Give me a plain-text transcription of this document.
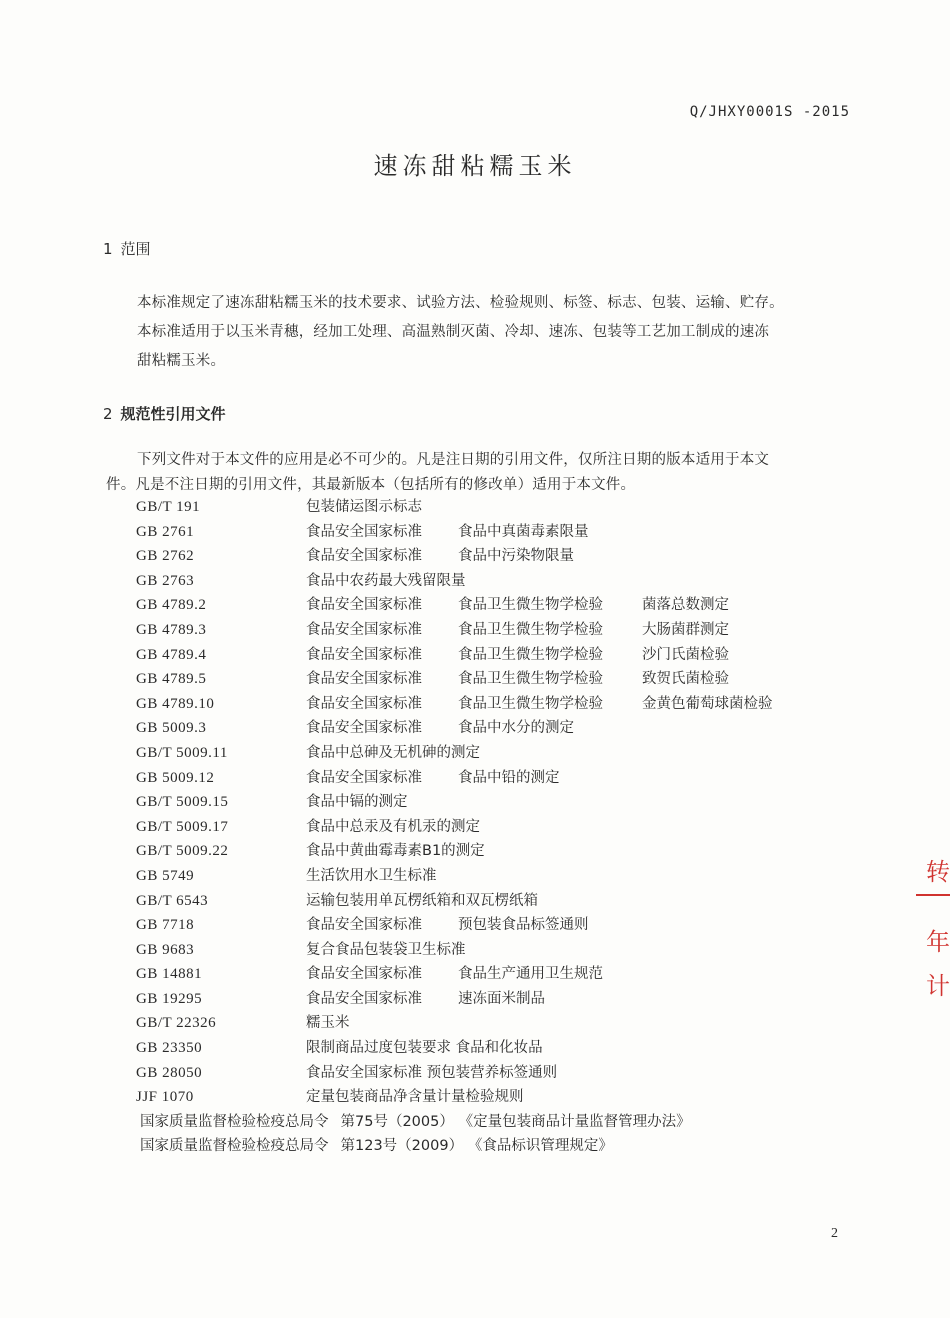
Q/JHXY0001S -2015
速冻甜粘糯玉米
1 范围
本标准规定了速冻甜粘糯玉米的技术要求、试验方法、检验规则、标签、标志、包装、运输、贮存。
本标准适用于以玉米青穗，经加工处理、高温熟制灭菌、冷却、速冻、包装等工艺加工制成的速冻
甜粘糯玉米。
2 规范性引用文件
下列文件对于本文件的应用是必不可少的。凡是注日期的引用文件，仅所注日期的版本适用于本文
件。凡是不注日期的引用文件，其最新版本（包括所有的修改单）适用于本文件。
GB/T 191	包装储运图示标志
GB 2761	食品安全国家标准 食品中真菌毒素限量
GB 2762	食品安全国家标准 食品中污染物限量
GB 2763	食品中农药最大残留限量
GB 4789.2	食品安全国家标准 食品卫生微生物学检验	菌落总数测定
GB 4789.3	食品安全国家标准 食品卫生微生物学检验	大肠菌群测定
GB 4789.4	食品安全国家标准 食品卫生微生物学检验	沙门氏菌检验
GB 4789.5	食品安全国家标准 食品卫生微生物学检验	致贺氏菌检验
GB 4789.10	食品安全国家标准 食品卫生微生物学检验	金黄色葡萄球菌检验
GB 5009.3	食品安全国家标准 食品中水分的测定
GB/T 5009.11	食品中总砷及无机砷的测定
GB 5009.12	食品安全国家标准 食品中铅的测定
GB/T 5009.15	食品中镉的测定
GB/T 5009.17	食品中总汞及有机汞的测定
GB/T 5009.22	食品中黄曲霉毒素B1的测定
GB 5749	生活饮用水卫生标准
GB/T 6543	运输包装用单瓦楞纸箱和双瓦楞纸箱
GB 7718	食品安全国家标准 预包装食品标签通则
GB 9683	复合食品包装袋卫生标准
GB 14881	食品安全国家标准 食品生产通用卫生规范
GB 19295	食品安全国家标准 速冻面米制品
GB/T 22326	糯玉米
GB 23350	限制商品过度包装要求 食品和化妆品
GB 28050	食品安全国家标准 预包装营养标签通则
JJF 1070	定量包装商品净含量计量检验规则
国家质量监督检验检疫总局令 第75号（2005） 《定量包装商品计量监督管理办法》
国家质量监督检验检疫总局令 第123号（2009） 《食品标识管理规定》
2
转
年
计
